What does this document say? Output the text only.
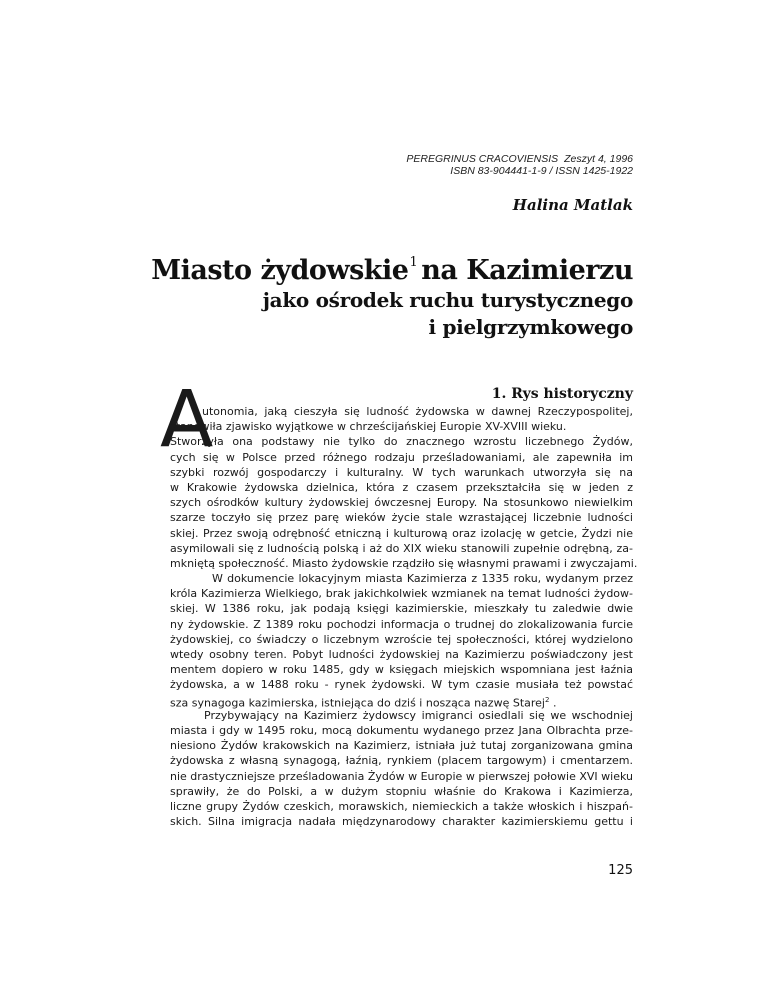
PEREGRINUS CRACOVIENSIS Zeszyt 4, 1996
ISBN 83-904441-1-9 / ISSN 1425-1922
Halina Matlak
Miasto żydowskie$^1$ na Kazimierzu
jako ośrodek ruchu turystycznego
i pielgrzymkowego
1. Rys historyczny
A
utonomia, jaką cieszyła się ludność żydowska w dawnej Rzeczypospolitej,
stanowiła zjawisko wyjątkowe w chrześcijańskiej Europie XV-XVIII wieku.
Stworzyła ona podstawy nie tylko do znacznego wzrostu liczebnego Żydów,
cych się w Polsce przed różnego rodzaju prześladowaniami, ale zapewniła im
szybki rozwój gospodarczy i kulturalny. W tych warunkach utworzyła się na
w Krakowie żydowska dzielnica, która z czasem przekształciła się w jeden z
szych ośrodków kultury żydowskiej ówczesnej Europy. Na stosunkowo niewielkim
szarze toczyło się przez parę wieków życie stale wzrastającej liczebnie ludności
skiej. Przez swoją odrębność etniczną i kulturową oraz izolację w getcie, Żydzi nie
asymilowali się z ludnością polską i aż do XIX wieku stanowili zupełnie odrębną, za-
mkniętą społeczność. Miasto żydowskie rządziło się własnymi prawami i zwyczajami.
W dokumencie lokacyjnym miasta Kazimierza z 1335 roku, wydanym przez
króla Kazimierza Wielkiego, brak jakichkolwiek wzmianek na temat ludności żydow-
skiej. W 1386 roku, jak podają księgi kazimierskie, mieszkały tu zaledwie dwie
ny żydowskie. Z 1389 roku pochodzi informacja o trudnej do zlokalizowania furcie
żydowskiej, co świadczy o liczebnym wzroście tej społeczności, której wydzielono
wtedy osobny teren. Pobyt ludności żydowskiej na Kazimierzu poświadczony jest
mentem dopiero w roku 1485, gdy w księgach miejskich wspomniana jest łaźnia
żydowska, a w 1488 roku - rynek żydowski. W tym czasie musiała też powstać
sza synagoga kazimierska, istniejąca do dziś i nosząca nazwę Starej$^2$ .
Przybywający na Kazimierz żydowscy imigranci osiedlali się we wschodniej
miasta i gdy w 1495 roku, mocą dokumentu wydanego przez Jana Olbrachta prze-
niesiono Żydów krakowskich na Kazimierz, istniała już tutaj zorganizowana gmina
żydowska z własną synagogą, łaźnią, rynkiem (placem targowym) i cmentarzem.
nie drastyczniejsze prześladowania Żydów w Europie w pierwszej połowie XVI wieku
sprawiły, że do Polski, a w dużym stopniu właśnie do Krakowa i Kazimierza,
liczne grupy Żydów czeskich, morawskich, niemieckich a także włoskich i hiszpań-
skich. Silna imigracja nadała międzynarodowy charakter kazimierskiemu gettu i
125
